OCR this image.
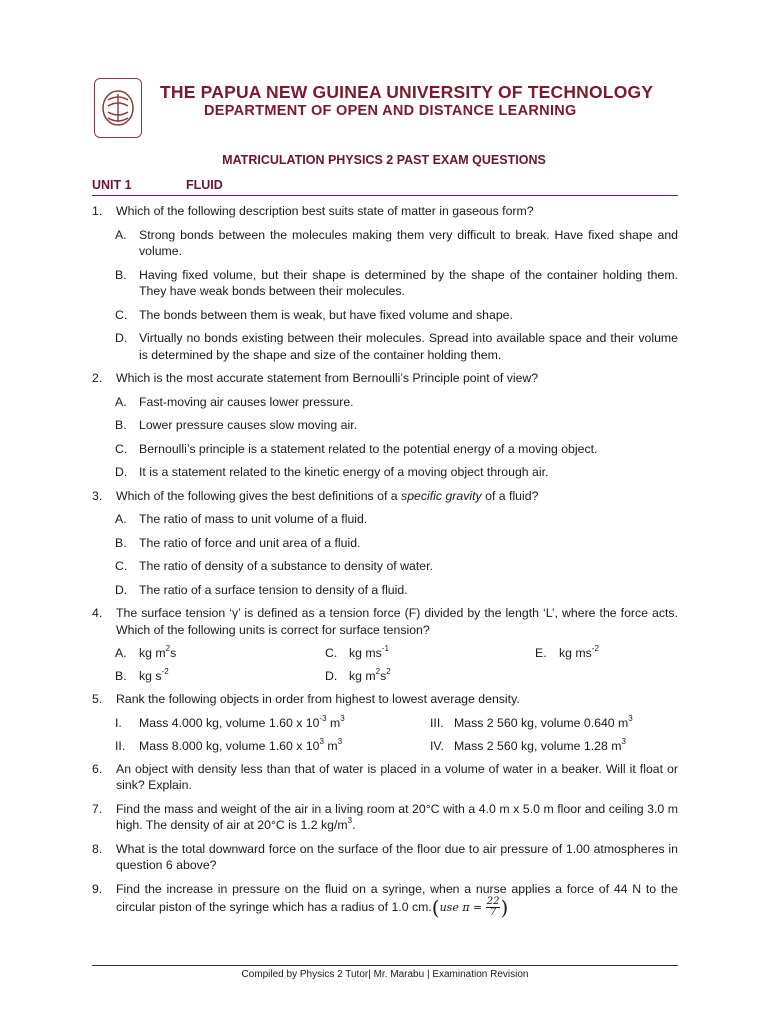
THE PAPUA NEW GUINEA UNIVERSITY OF TECHNOLOGY
DEPARTMENT OF OPEN AND DISTANCE LEARNING
MATRICULATION PHYSICS 2 PAST EXAM QUESTIONS
UNIT 1	FLUID
1. Which of the following description best suits state of matter in gaseous form?
A. Strong bonds between the molecules making them very difficult to break. Have fixed shape and volume.
B. Having fixed volume, but their shape is determined by the shape of the container holding them. They have weak bonds between their molecules.
C. The bonds between them is weak, but have fixed volume and shape.
D. Virtually no bonds existing between their molecules. Spread into available space and their volume is determined by the shape and size of the container holding them.
2. Which is the most accurate statement from Bernoulli’s Principle point of view?
A. Fast-moving air causes lower pressure.
B. Lower pressure causes slow moving air.
C. Bernoulli’s principle is a statement related to the potential energy of a moving object.
D. It is a statement related to the kinetic energy of a moving object through air.
3. Which of the following gives the best definitions of a specific gravity of a fluid?
A. The ratio of mass to unit volume of a fluid.
B. The ratio of force and unit area of a fluid.
C. The ratio of density of a substance to density of water.
D. The ratio of a surface tension to density of a fluid.
4. The surface tension ‘γ’ is defined as a tension force (F) divided by the length ‘L’, where the force acts. Which of the following units is correct for surface tension?
A. kg $m^2s$	C. kg $ms^{-1}$	E. kg $ms^{-2}$
B. kg $s^{-2}$	D. kg $m^2s^2$
5. Rank the following objects in order from highest to lowest average density.
I. Mass 4.000 kg, volume 1.60 x $10^{-3}$ $m^3$	III. Mass 2 560 kg, volume 0.640 $m^3$
II. Mass 8.000 kg, volume 1.60 x $10^3$ $m^3$	IV. Mass 2 560 kg, volume 1.28 $m^3$
6. An object with density less than that of water is placed in a volume of water in a beaker. Will it float or sink? Explain.
7. Find the mass and weight of the air in a living room at 20°C with a 4.0 m x 5.0 m floor and ceiling 3.0 m high. The density of air at 20°C is 1.2 $kg/m^3$.
8. What is the total downward force on the surface of the floor due to air pressure of 1.00 atmospheres in question 6 above?
9. Find the increase in pressure on the fluid on a syringe, when a nurse applies a force of 44 N to the circular piston of the syringe which has a radius of 1.0 cm.(use $\pi = \frac{22}{7}$ )
Compiled by Physics 2 Tutor| Mr. Marabu | Examination Revision
